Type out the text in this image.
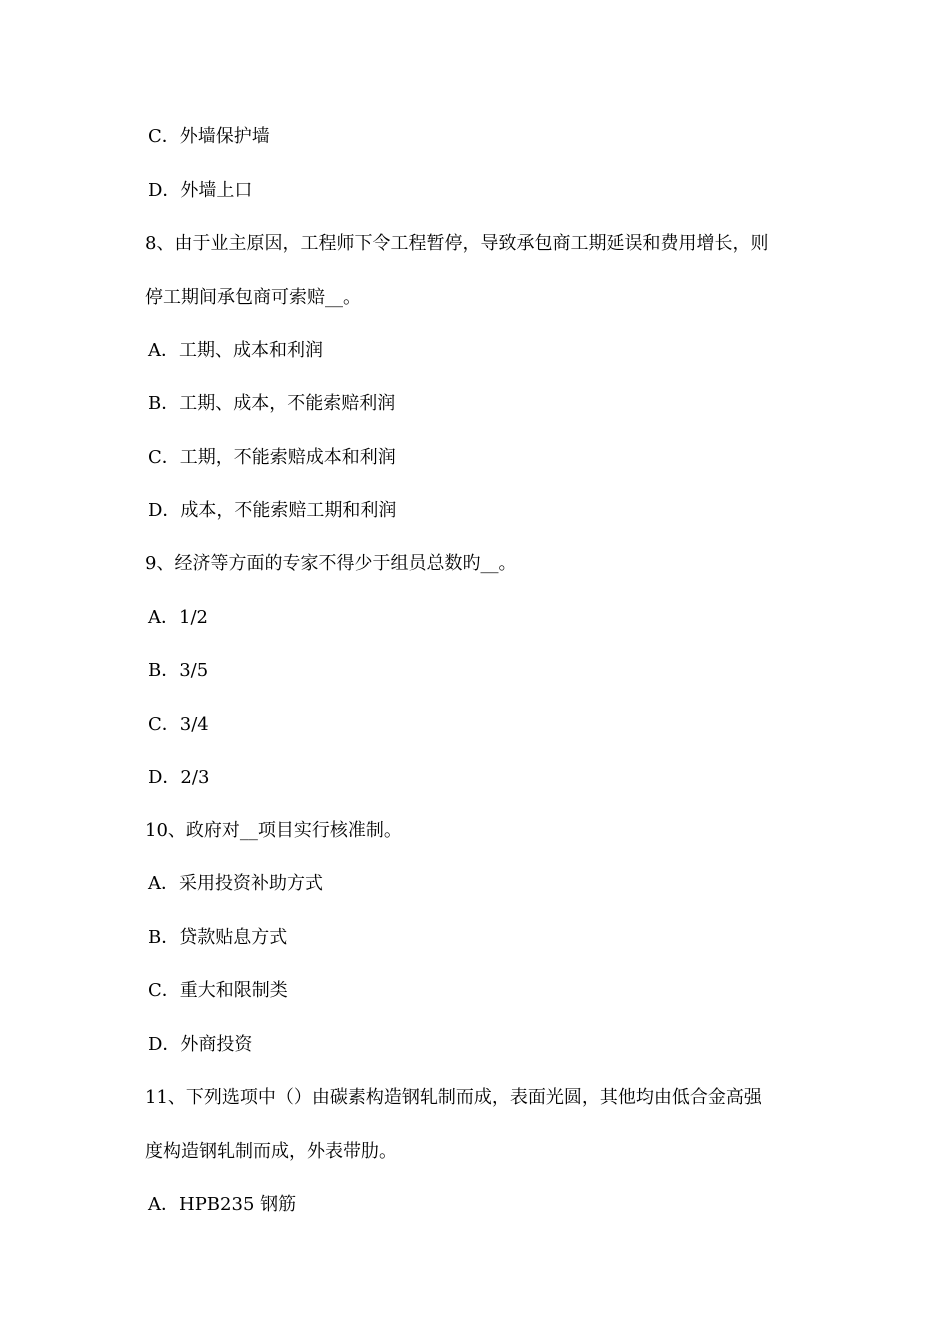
C．外墙保护墙
D．外墙上口
8、由于业主原因，工程师下令工程暂停，导致承包商工期延误和费用增长，则
停工期间承包商可索赔__。
A．工期、成本和利润
B．工期、成本，不能索赔利润
C．工期，不能索赔成本和利润
D．成本，不能索赔工期和利润
9、经济等方面的专家不得少于组员总数旳__。
A．1/2
B．3/5
C．3/4
D．2/3
10、政府对__项目实行核准制。
A．采用投资补助方式
B．贷款贴息方式
C．重大和限制类
D．外商投资
11、下列选项中（）由碳素构造钢轧制而成，表面光圆，其他均由低合金高强
度构造钢轧制而成，外表带肋。
A．HPB235 钢筋
